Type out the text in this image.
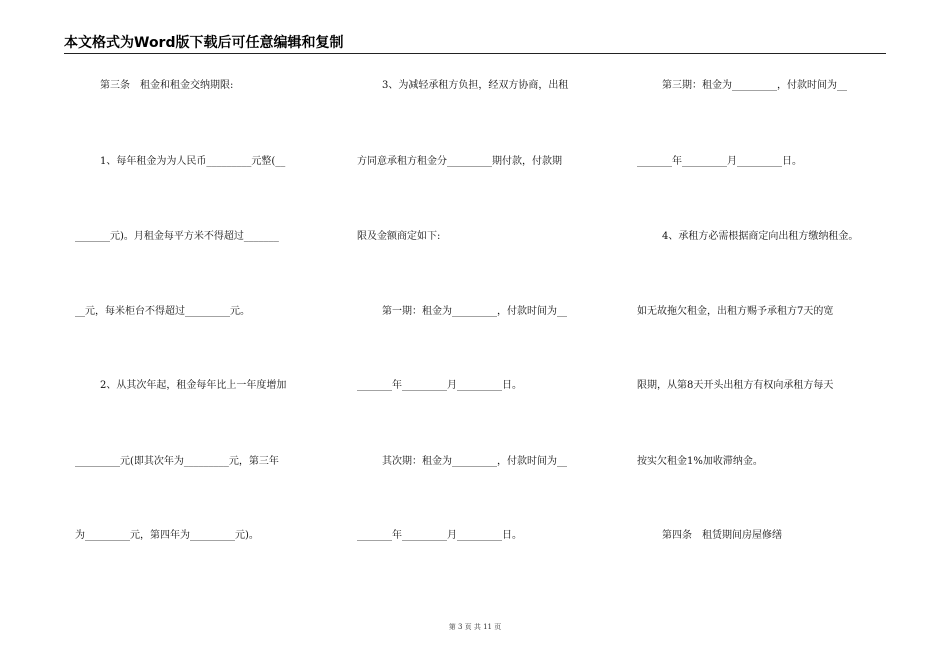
本文格式为Word版下载后可任意编辑和复制
第三条　租金和租金交纳期限:
1、每年租金为为人民币_________元整(__
_______元)。月租金每平方米不得超过_______
__元，每米柜台不得超过_________元。
2、从其次年起，租金每年比上一年度增加
_________元(即其次年为_________元，第三年
为_________元，第四年为_________元)。
3、为减轻承租方负担，经双方协商，出租
方同意承租方租金分_________期付款，付款期
限及金额商定如下:
第一期：租金为_________，付款时间为__
_______年_________月_________日。
其次期：租金为_________，付款时间为__
_______年_________月_________日。
第三期：租金为_________，付款时间为__
_______年_________月_________日。
4、承租方必需根据商定向出租方缴纳租金。
如无故拖欠租金，出租方赐予承租方7天的宽
限期，从第8天开头出租方有权向承租方每天
按实欠租金1%加收滞纳金。
第四条　租赁期间房屋修缮
第 3 页 共 11 页
